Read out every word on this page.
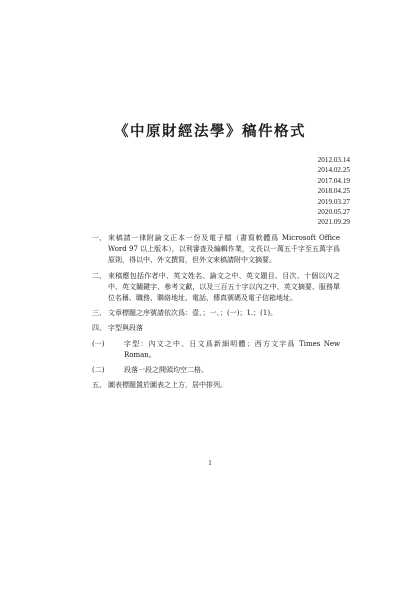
《中原財經法學》稿件格式
2012.03.14
2014.02.25
2017.04.19
2018.04.25
2019.03.27
2020.05.27
2021.09.29
一、 來稿請一律附論文正本一份及電子檔（書寫軟體爲 Microsoft Office Word 97 以上版本），以利審查及編輯作業，文長以一萬五千字至五萬字爲原則，得以中、外文撰寫，但外文來稿請附中文摘要。
二、 來稿應包括作者中、英文姓名、論文之中、英文題目、目次、十個以內之中、英文關鍵字、參考文獻，以及三百五十字以內之中、英文摘要、服務單位名稱、職務、聯絡地址、電話、傳真號碼及電子信箱地址。
三、 文章標題之序號請依次爲：壹、；一、；(一)；1.；(1)。
四、 字型與段落
(一)	字型：內文之中、日文爲新細明體；西方文字爲 Times New Roman。
(二)	段落一段之開頭均空二格。
五、 圖表標題置於圖表之上方，居中排列。
1
